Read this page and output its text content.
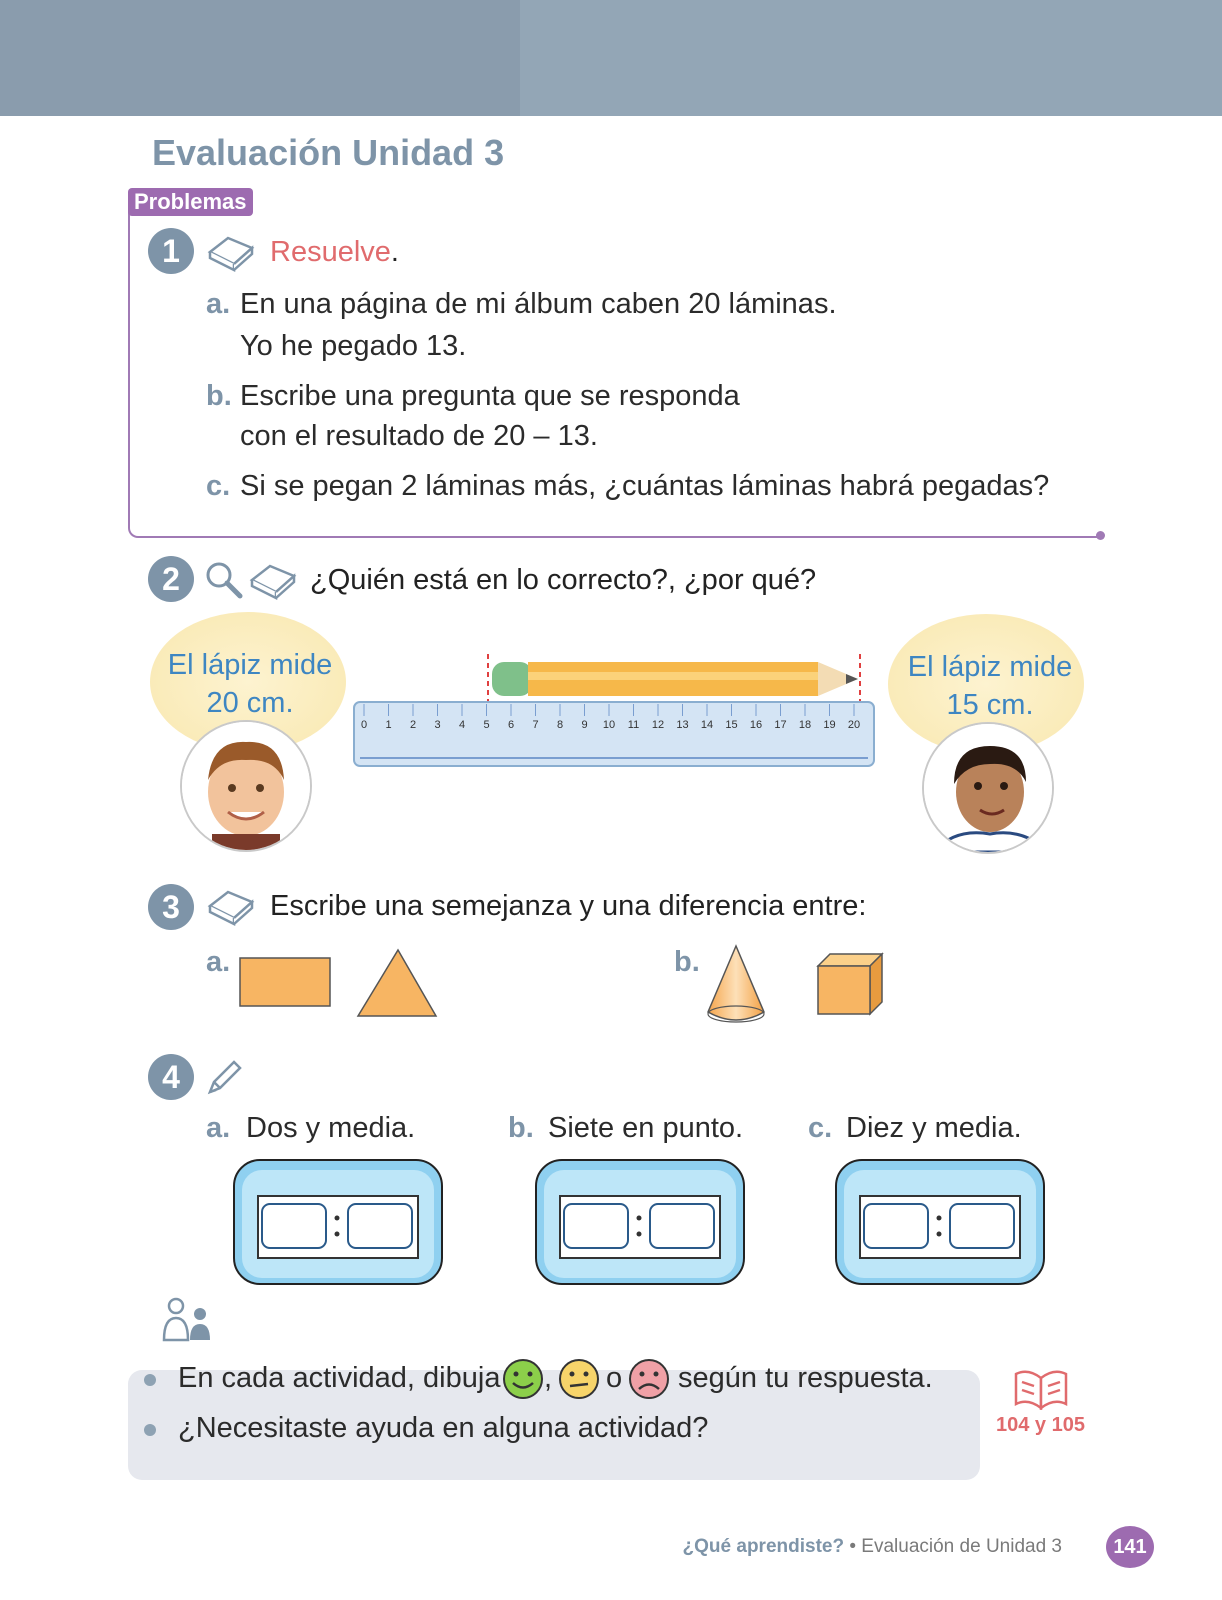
Evaluación Unidad 3
Problemas
1	Resuelve.
a. En una página de mi álbum caben 20 láminas.
Yo he pegado 13.
b. Escribe una pregunta que se responda
con el resultado de 20 – 13.
c. Si se pegan 2 láminas más, ¿cuántas láminas habrá pegadas?
2	¿Quién está en lo correcto?, ¿por qué?
El lápiz mide
20 cm.
0 1 2 3 4 5 6 7 8 9 10 11 12 13 14 15 16 17 18 19 20
El lápiz mide
15 cm.
3	Escribe una semejanza y una diferencia entre:
a.	b.
4
a. Dos y media.	b. Siete en punto. c. Diez y media.
En cada actividad, dibuja , o según tu respuesta.
¿Necesitaste ayuda en alguna actividad?	104 y 105
¿Qué aprendiste? • Evaluación de Unidad 3	141
